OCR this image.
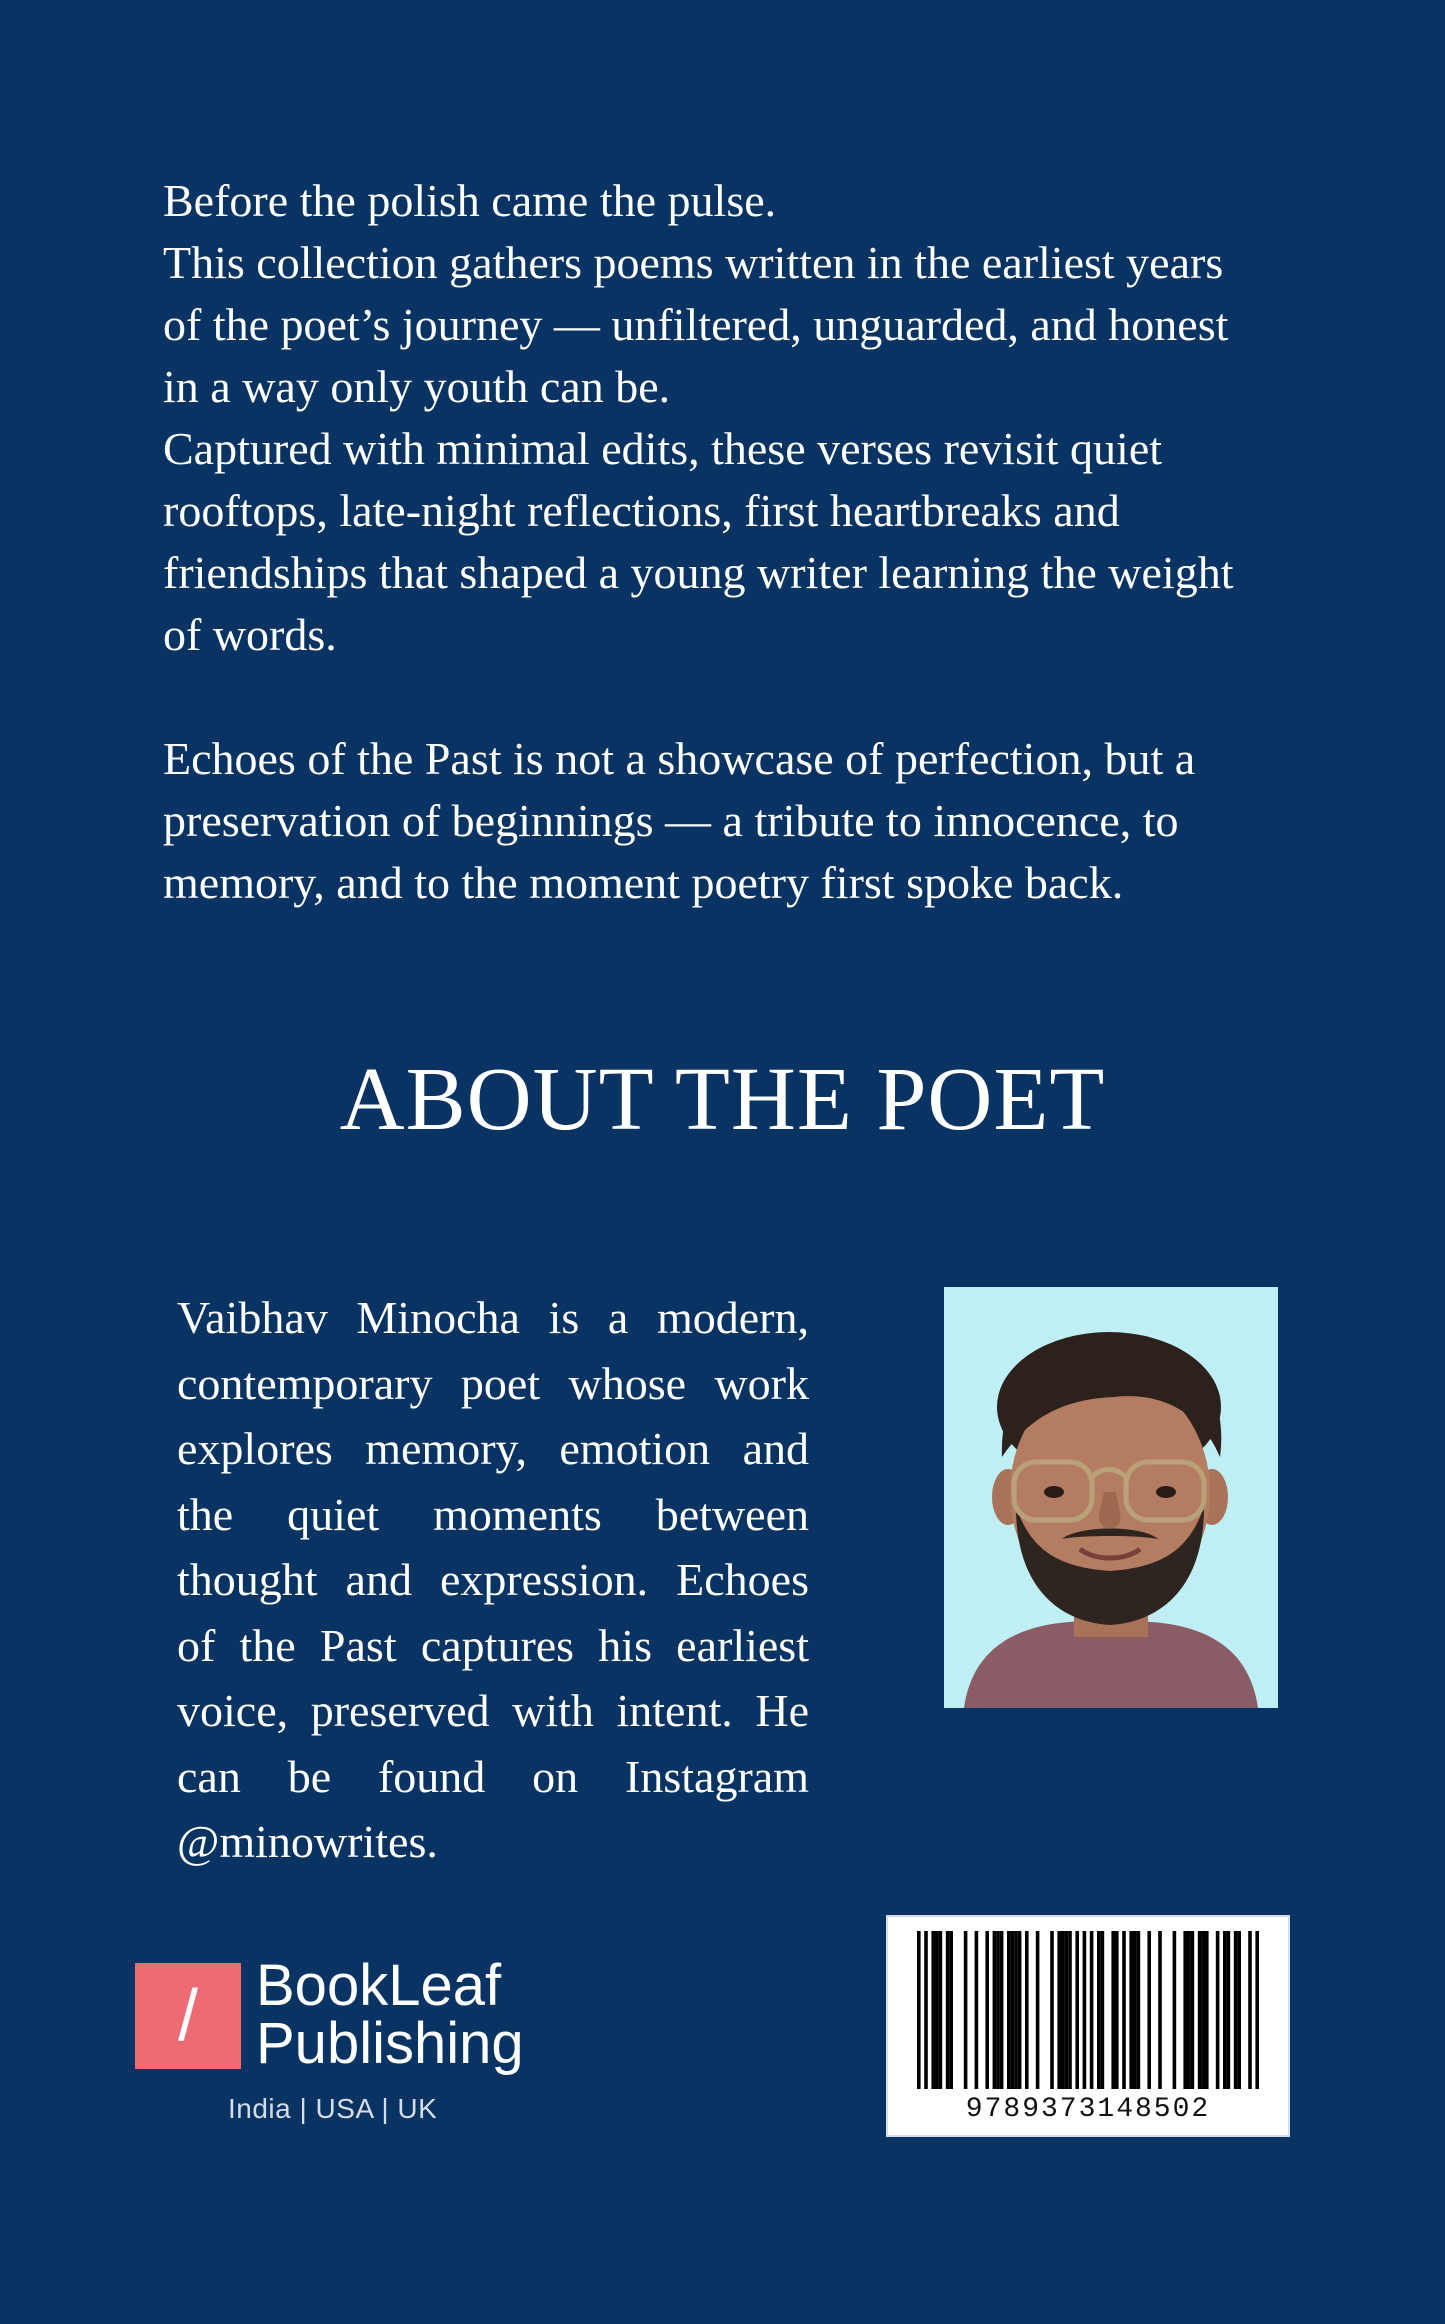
Before the polish came the pulse.

This collection gathers poems written in the earliest years

of the poet’s journey — unfiltered, unguarded, and honest

in a way only youth can be.

Captured with minimal edits, these verses revisit quiet

rooftops, late-night reflections, first heartbreaks and

friendships that shaped a young writer learning the weight

of words.

Echoes of the Past is not a showcase of perfection, but a

preservation of beginnings — a tribute to innocence, to

memory, and to the moment poetry first spoke back.

ABOUT THE POET

Vaibhav Minocha is a modern, contemporary poet whose work explores memory, emotion and the quiet moments between thought and expression. Echoes of the Past captures his earliest voice, preserved with intent. He can be found on Instagram @minowrites.

/	BookLeaf
Publishing
India | USA | UK	9789373148502
